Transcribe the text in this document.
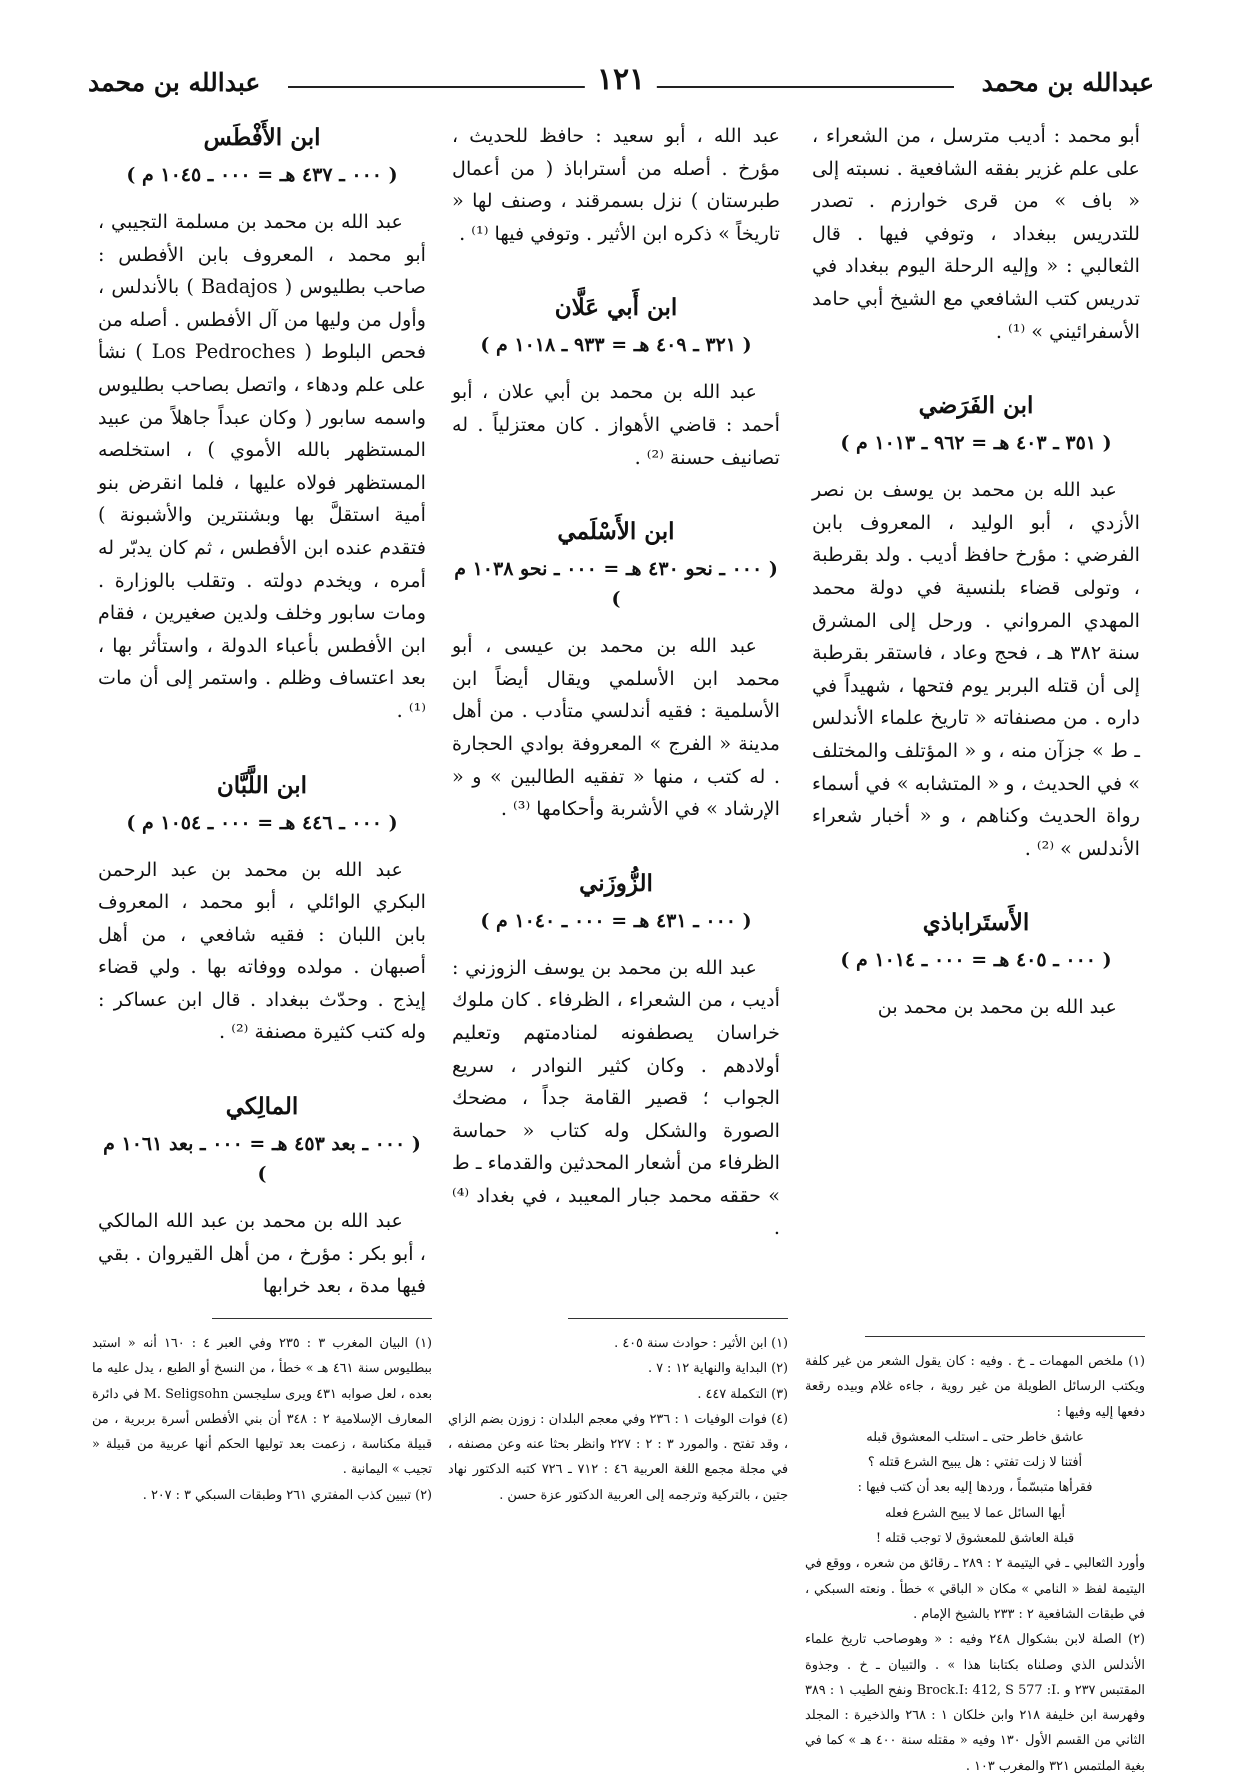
عبدالله بن محمد
١٢١
عبدالله بن محمد

أبو محمد : أديب مترسل ، من الشعراء ، على علم غزير بفقه الشافعية . نسبته إلى « باف » من قرى خوارزم . تصدر للتدريس ببغداد ، وتوفي فيها . قال الثعالبي : « وإليه الرحلة اليوم ببغداد في تدريس كتب الشافعي مع الشيخ أبي حامد الأسفرائيني » ⁽¹⁾ .

ابن الفَرَضي
( ٣٥١ ـ ٤٠٣ هـ = ٩٦٢ ـ ١٠١٣ م )

عبد الله بن محمد بن يوسف بن نصر الأزدي ، أبو الوليد ، المعروف بابن الفرضي : مؤرخ حافظ أديب . ولد بقرطبة ، وتولى قضاء بلنسية في دولة محمد المهدي المرواني . ورحل إلى المشرق سنة ٣٨٢ هـ ، فحج وعاد ، فاستقر بقرطبة إلى أن قتله البربر يوم فتحها ، شهيداً في داره . من مصنفاته « تاريخ علماء الأندلس ـ ط » جزآن منه ، و « المؤتلف والمختلف » في الحديث ، و « المتشابه » في أسماء رواة الحديث وكناهم ، و « أخبار شعراء الأندلس » ⁽²⁾ .

الأَستَراباذي
( ٠٠٠ ـ ٤٠٥ هـ = ٠٠٠ ـ ١٠١٤ م )

عبد الله بن محمد بن محمد بن

عبد الله ، أبو سعيد : حافظ للحديث ، مؤرخ . أصله من أستراباذ ( من أعمال طبرستان ) نزل بسمرقند ، وصنف لها « تاريخاً » ذكره ابن الأثير . وتوفي فيها ⁽¹⁾ .

ابن أَبي عَلَّان
( ٣٢١ ـ ٤٠٩ هـ = ٩٣٣ ـ ١٠١٨ م )

عبد الله بن محمد بن أبي علان ، أبو أحمد : قاضي الأهواز . كان معتزلياً . له تصانيف حسنة ⁽²⁾ .

ابن الأَسْلَمي
( ٠٠٠ ـ نحو ٤٣٠ هـ = ٠٠٠ ـ نحو ١٠٣٨ م )

عبد الله بن محمد بن عيسى ، أبو محمد ابن الأسلمي ويقال أيضاً ابن الأسلمية : فقيه أندلسي متأدب . من أهل مدينة « الفرج » المعروفة بوادي الحجارة . له كتب ، منها « تفقيه الطالبين » و « الإرشاد » في الأشربة وأحكامها ⁽³⁾ .

الزُّوزَني
( ٠٠٠ ـ ٤٣١ هـ = ٠٠٠ ـ ١٠٤٠ م )

عبد الله بن محمد بن يوسف الزوزني : أديب ، من الشعراء ، الظرفاء . كان ملوك خراسان يصطفونه لمنادمتهم وتعليم أولادهم . وكان كثير النوادر ، سريع الجواب ؛ قصير القامة جداً ، مضحك الصورة والشكل وله كتاب « حماسة الظرفاء من أشعار المحدثين والقدماء ـ ط » حققه محمد جبار المعيبد ، في بغداد ⁽⁴⁾ .

ابن الأَفْطَس
( ٠٠٠ ـ ٤٣٧ هـ = ٠٠٠ ـ ١٠٤٥ م )

عبد الله بن محمد بن مسلمة التجيبي ، أبو محمد ، المعروف بابن الأفطس : صاحب بطليوس ( Badajos ) بالأندلس ، وأول من وليها من آل الأفطس . أصله من فحص البلوط ( Los Pedroches ) نشأ على علم ودهاء ، واتصل بصاحب بطليوس واسمه سابور ( وكان عبداً جاهلاً من عبيد المستظهر بالله الأموي ) ، استخلصه المستظهر فولاه عليها ، فلما انقرض بنو أمية استقلَّ بها وبشنترين والأشبونة ) فتقدم عنده ابن الأفطس ، ثم كان يدبّر له أمره ، ويخدم دولته . وتقلب بالوزارة . ومات سابور وخلف ولدين صغيرين ، فقام ابن الأفطس بأعباء الدولة ، واستأثر بها ، بعد اعتساف وظلم . واستمر إلى أن مات ⁽¹⁾ .

ابن اللَّبَّان
( ٠٠٠ ـ ٤٤٦ هـ = ٠٠٠ ـ ١٠٥٤ م )

عبد الله بن محمد بن عبد الرحمن البكري الوائلي ، أبو محمد ، المعروف بابن اللبان : فقيه شافعي ، من أهل أصبهان . مولده ووفاته بها . ولي قضاء إيذج . وحدّث ببغداد . قال ابن عساكر : وله كتب كثيرة مصنفة ⁽²⁾ .

المالِكي
( ٠٠٠ ـ بعد ٤٥٣ هـ = ٠٠٠ ـ بعد ١٠٦١ م )

عبد الله بن محمد بن عبد الله المالكي ، أبو بكر : مؤرخ ، من أهل القيروان . بقي فيها مدة ، بعد خرابها

(١) ملخص المهمات ـ خ . وفيه : كان يقول الشعر من غير كلفة ويكتب الرسائل الطويلة من غير روية ، جاءه غلام وبيده رقعة دفعها إليه وفيها :

عاشق خاطر حتى ـ استلب المعشوق قبله

أفتنا لا زلت تفتي : هل يبيح الشرع قتله ؟

فقرأها متبسّماً ، وردها إليه بعد أن كتب فيها :

أيها السائل عما لا يبيح الشرع فعله

قبلة العاشق للمعشوق لا توجب قتله !

وأورد الثعالبي ـ في اليتيمة ٢ : ٢٨٩ ـ رقائق من شعره ، ووقع في اليتيمة لفظ « النامي » مكان « الباقي » خطأ . ونعته السبكي ، في طبقات الشافعية ٢ : ٢٣٣ بالشيخ الإمام .

(٢) الصلة لابن بشكوال ٢٤٨ وفيه : « وهوصاحب تاريخ علماء الأندلس الذي وصلناه بكتابنا هذا » . والتبيان ـ خ . وجذوة المقتبس ٢٣٧ و .Brock.I: 412, S 577 :I ونفح الطيب ١ : ٣٨٩ وفهرسة ابن خليفة ٢١٨ وابن خلكان ١ : ٢٦٨ والذخيرة : المجلد الثاني من القسم الأول ١٣٠ وفيه « مقتله سنة ٤٠٠ هـ » كما في بغية الملتمس ٣٢١ والمغرب ١٠٣ .

(١) ابن الأثير : حوادث سنة ٤٠٥ .

(٢) البداية والنهاية ١٢ : ٧ .

(٣) التكملة ٤٤٧ .

(٤) فوات الوفيات ١ : ٢٣٦ وفي معجم البلدان : زوزن بضم الزاي ، وقد تفتح . والمورد ٣ : ٢ : ٢٢٧ وانظر بحثا عنه وعن مصنفه ، في مجلة مجمع اللغة العربية ٤٦ : ٧١٢ ـ ٧٢٦ كتبه الدكتور نهاد جتين ، بالتركية وترجمه إلى العربية الدكتور عزة حسن .

(١) البيان المغرب ٣ : ٢٣٥ وفي العبر ٤ : ١٦٠ أنه « استبد ببطليوس سنة ٤٦١ هـ » خطأ ، من النسخ أو الطبع ، يدل عليه ما بعده ، لعل صوابه ٤٣١ ويرى سليجسن M. Seligsohn في دائرة المعارف الإسلامية ٢ : ٣٤٨ أن بني الأفطس أسرة بربرية ، من قبيلة مكناسة ، زعمت بعد توليها الحكم أنها عربية من قبيلة « تجيب » اليمانية .

(٢) تبيين كذب المفتري ٢٦١ وطبقات السبكي ٣ : ٢٠٧ .
